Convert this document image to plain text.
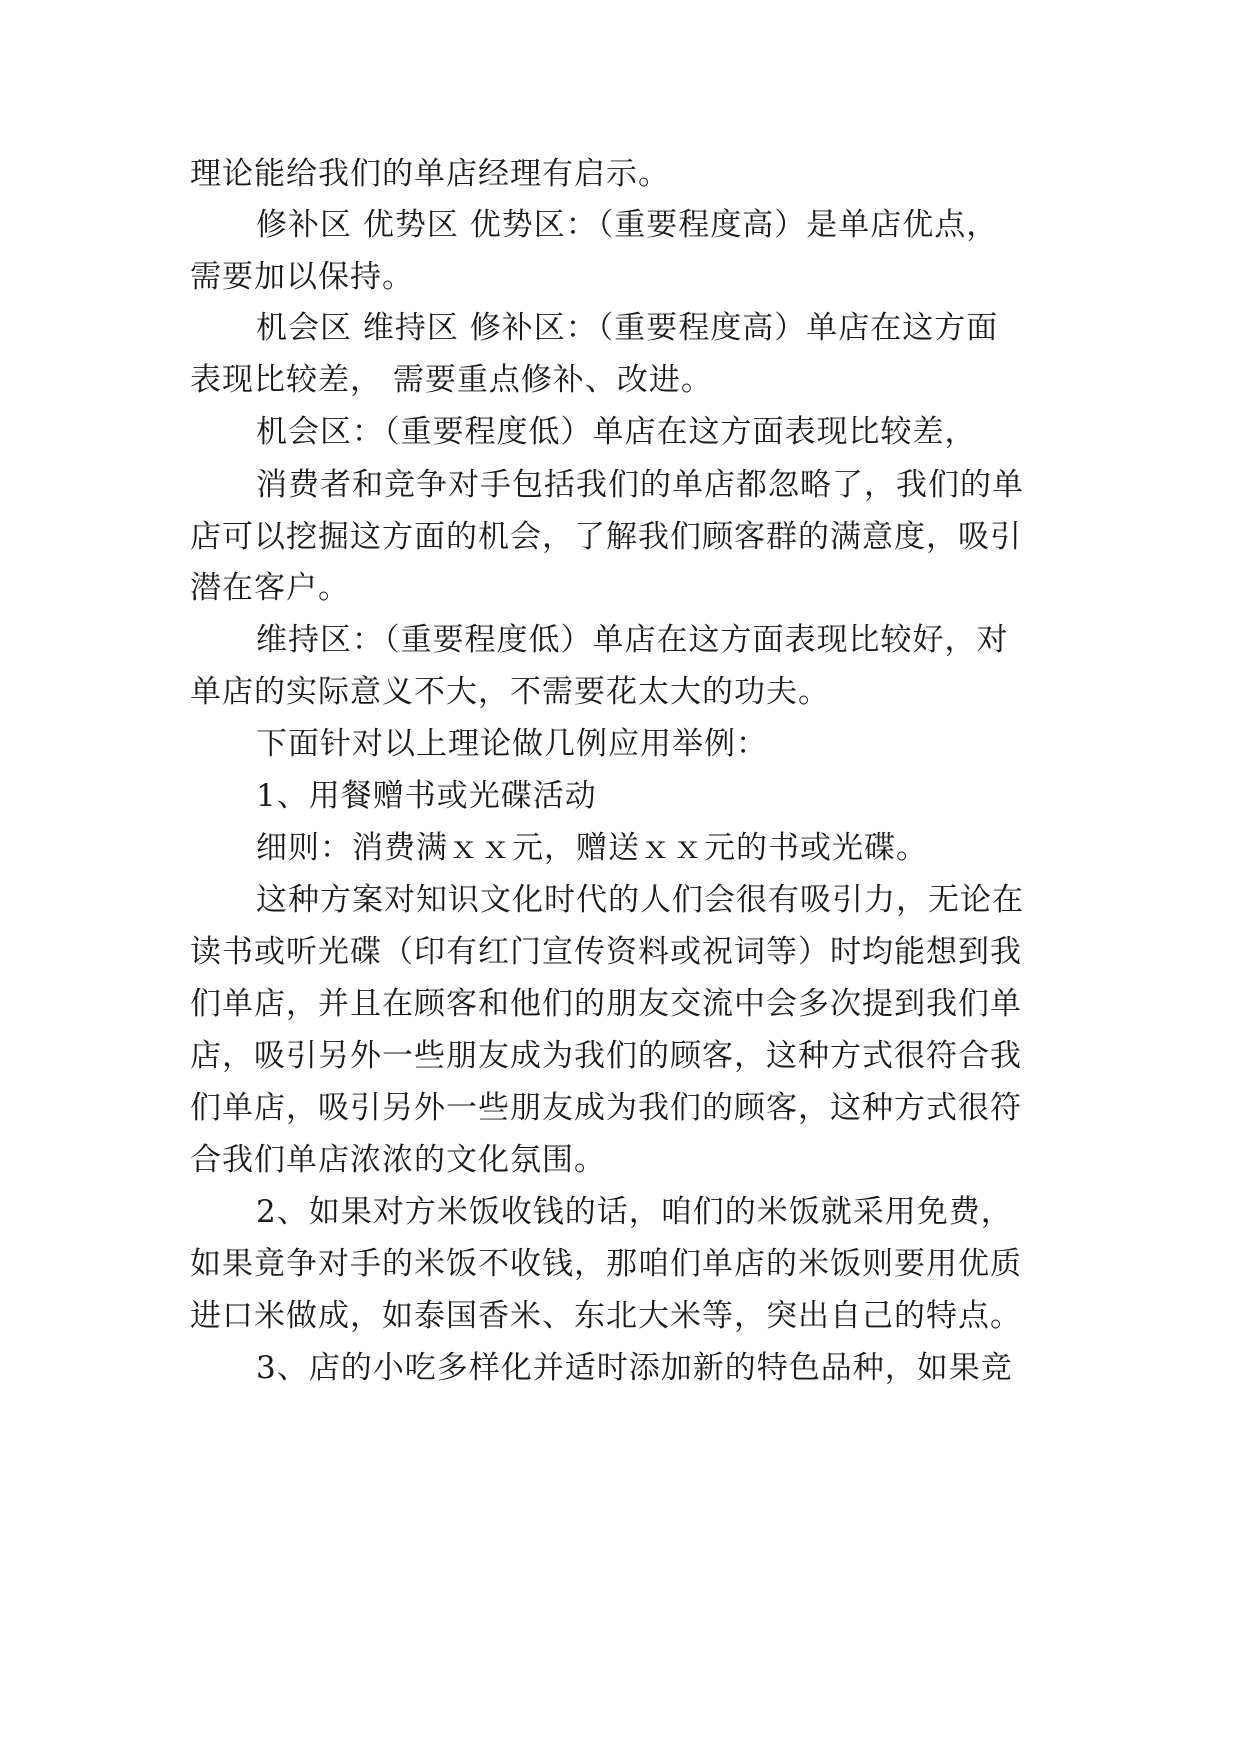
理论能给我们的单店经理有启示。
修补区 优势区 优势区：（重要程度高）是单店优点，
需要加以保持。
机会区 维持区 修补区：（重要程度高）单店在这方面
表现比较差， 需要重点修补、改进。
机会区：（重要程度低）单店在这方面表现比较差，
消费者和竞争对手包括我们的单店都忽略了，我们的单
店可以挖掘这方面的机会，了解我们顾客群的满意度，吸引
潜在客户。
维持区：（重要程度低）单店在这方面表现比较好，对
单店的实际意义不大，不需要花太大的功夫。
下面针对以上理论做几例应用举例：
1、用餐赠书或光碟活动
细则：消费满ｘｘ元，赠送ｘｘ元的书或光碟。
这种方案对知识文化时代的人们会很有吸引力，无论在
读书或听光碟（印有红门宣传资料或祝词等）时均能想到我
们单店，并且在顾客和他们的朋友交流中会多次提到我们单
店，吸引另外一些朋友成为我们的顾客，这种方式很符合我
们单店，吸引另外一些朋友成为我们的顾客，这种方式很符
合我们单店浓浓的文化氛围。
2、如果对方米饭收钱的话，咱们的米饭就采用免费，
如果竟争对手的米饭不收钱，那咱们单店的米饭则要用优质
进口米做成，如泰国香米、东北大米等，突出自己的特点。
3、店的小吃多样化并适时添加新的特色品种，如果竞
